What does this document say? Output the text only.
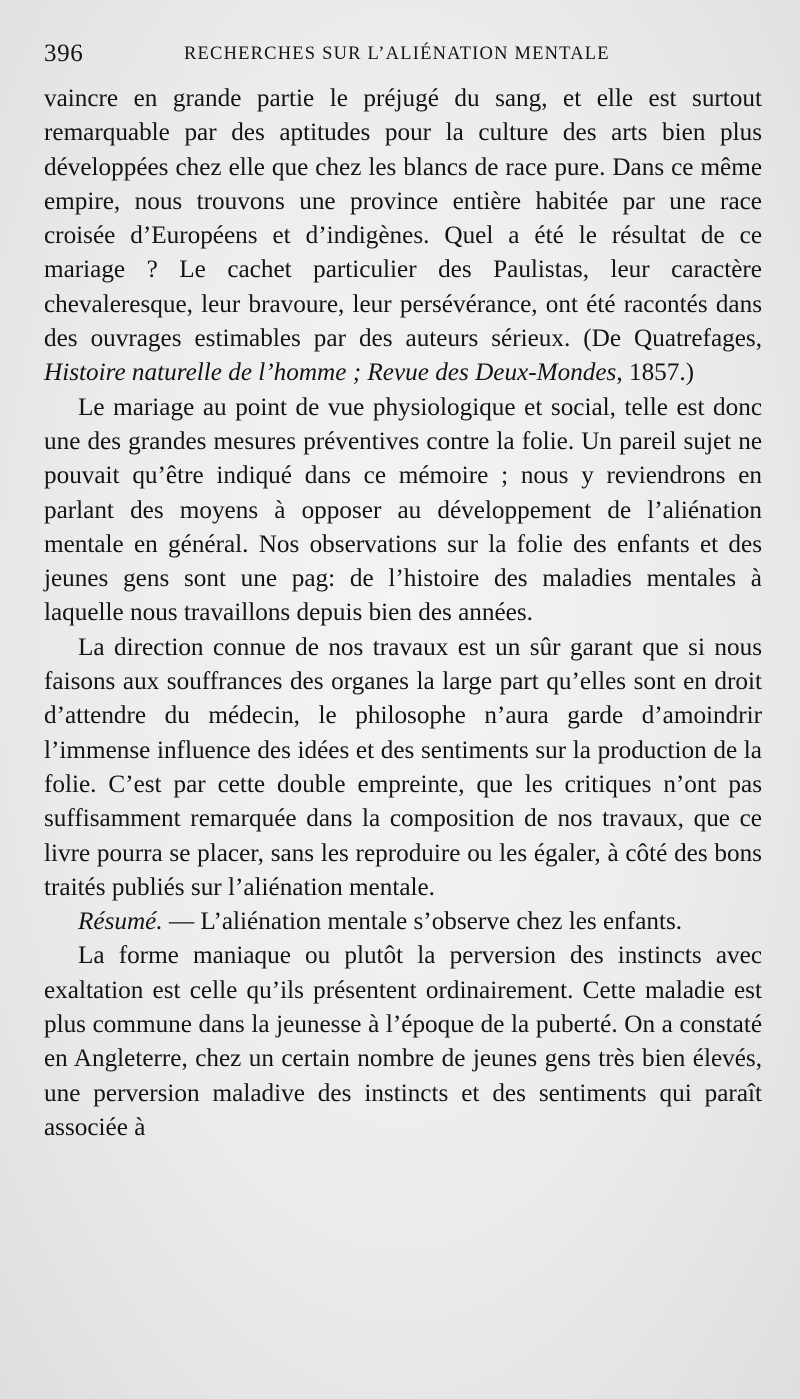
396	RECHERCHES SUR L’ALIÉNATION MENTALE

vaincre en grande partie le préjugé du sang, et elle est surtout remarquable par des aptitudes pour la culture des arts bien plus développées chez elle que chez les blancs de race pure. Dans ce même empire, nous trouvons une province entière habitée par une race croisée d’Européens et d’indigènes. Quel a été le résultat de ce mariage ? Le cachet particulier des Paulistas, leur caractère chevaleresque, leur bravoure, leur persévérance, ont été racontés dans des ouvrages estimables par des auteurs sérieux. (De Quatrefages, Histoire naturelle de l’homme ; Revue des Deux-Mondes, 1857.)

Le mariage au point de vue physiologique et social, telle est donc une des grandes mesures préventives contre la folie. Un pareil sujet ne pouvait qu’être indiqué dans ce mémoire ; nous y reviendrons en parlant des moyens à opposer au développement de l’aliénation mentale en général. Nos observations sur la folie des enfants et des jeunes gens sont une pag: de l’histoire des maladies mentales à laquelle nous travaillons depuis bien des années.

La direction connue de nos travaux est un sûr garant que si nous faisons aux souffrances des organes la large part qu’elles sont en droit d’attendre du médecin, le philosophe n’aura garde d’amoindrir l’immense influence des idées et des sentiments sur la production de la folie. C’est par cette double empreinte, que les critiques n’ont pas suffisamment remarquée dans la composition de nos travaux, que ce livre pourra se placer, sans les reproduire ou les égaler, à côté des bons traités publiés sur l’aliénation mentale.

Résumé. — L’aliénation mentale s’observe chez les enfants.

La forme maniaque ou plutôt la perversion des instincts avec exaltation est celle qu’ils présentent ordinairement. Cette maladie est plus commune dans la jeunesse à l’époque de la puberté. On a constaté en Angleterre, chez un certain nombre de jeunes gens très bien élevés, une perversion maladive des instincts et des sentiments qui paraît associée à
